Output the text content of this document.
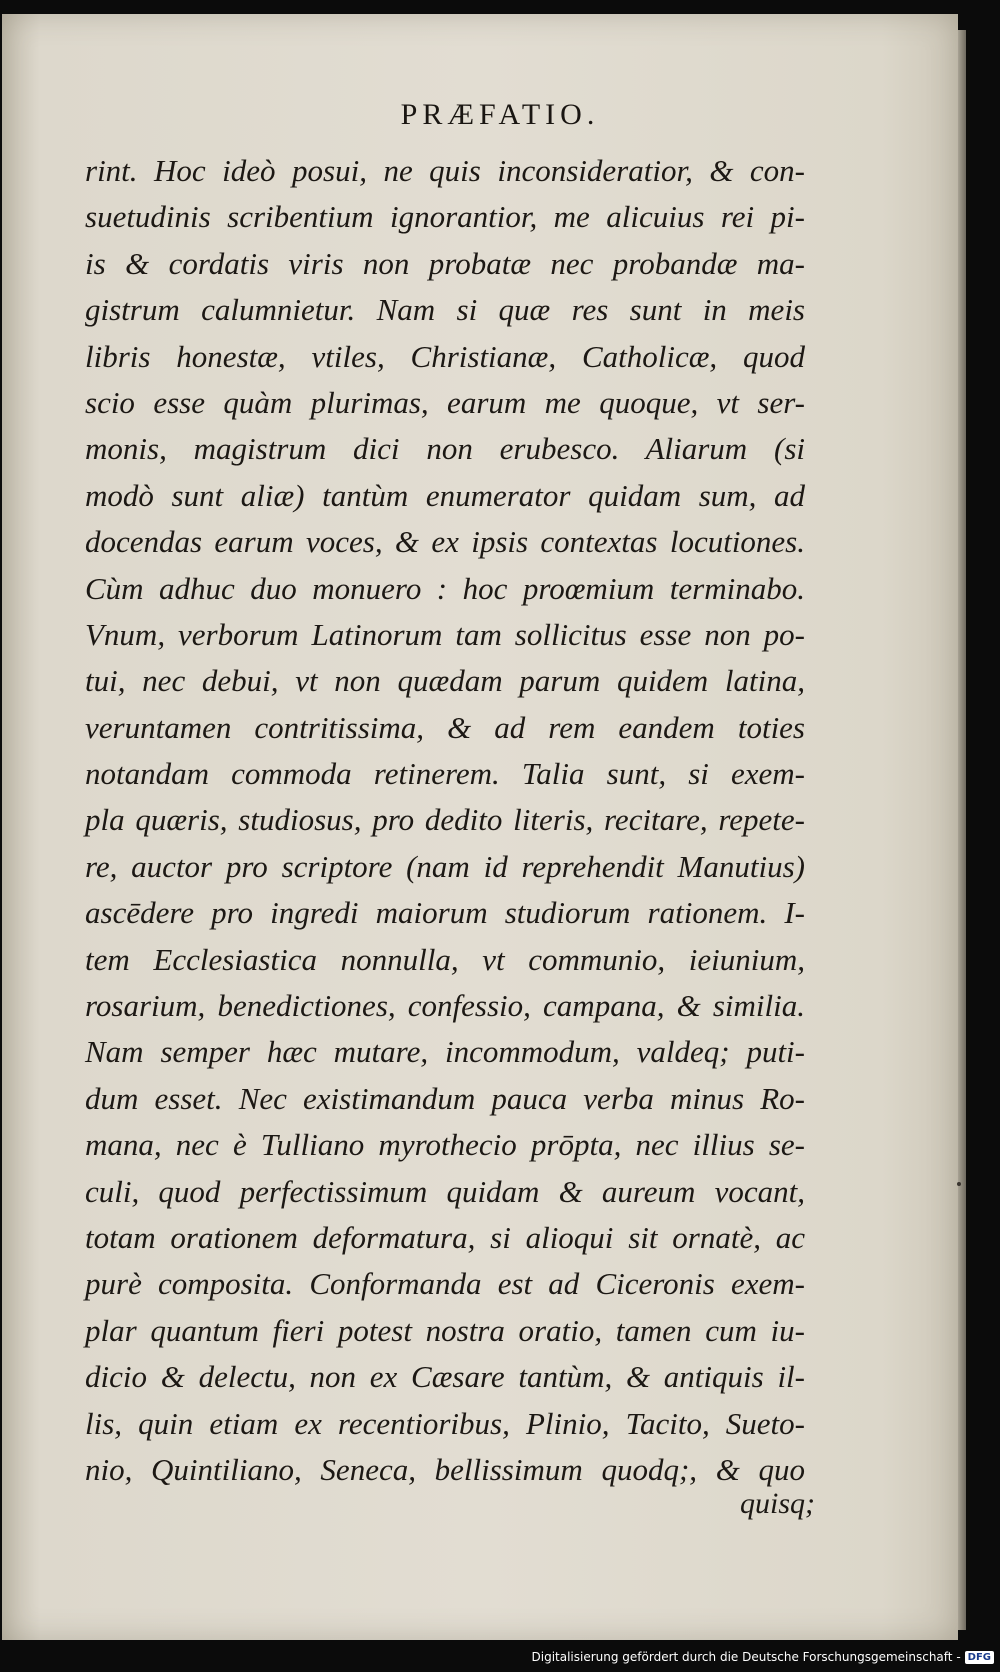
PRÆFATIO.
rint. Hoc ideò posui, ne quis inconsideratior, & con-
suetudinis scribentium ignorantior, me alicuius rei pi-
is & cordatis viris non probatæ nec probandæ ma-
gistrum calumnietur. Nam si quæ res sunt in meis
libris honestæ, vtiles, Christianæ, Catholicæ, quod
scio esse quàm plurimas, earum me quoque, vt ser-
monis, magistrum dici non erubesco. Aliarum (si
modò sunt aliæ) tantùm enumerator quidam sum, ad
docendas earum voces, & ex ipsis contextas locutiones.
Cùm adhuc duo monuero : hoc proœmium terminabo.
Vnum, verborum Latinorum tam sollicitus esse non po-
tui, nec debui, vt non quædam parum quidem latina,
veruntamen contritissima, & ad rem eandem toties
notandam commoda retinerem. Talia sunt, si exem-
pla quæris, studiosus, pro dedito literis, recitare, repete-
re, auctor pro scriptore (nam id reprehendit Manutius)
ascēdere pro ingredi maiorum studiorum rationem. I-
tem Ecclesiastica nonnulla, vt communio, ieiunium,
rosarium, benedictiones, confessio, campana, & similia.
Nam semper hæc mutare, incommodum, valdeq; puti-
dum esset. Nec existimandum pauca verba minus Ro-
mana, nec è Tulliano myrothecio prōpta, nec illius se-
culi, quod perfectissimum quidam & aureum vocant,
totam orationem deformatura, si alioqui sit ornatè, ac
purè composita. Conformanda est ad Ciceronis exem-
plar quantum fieri potest nostra oratio, tamen cum iu-
dicio & delectu, non ex Cæsare tantùm, & antiquis il-
lis, quin etiam ex recentioribus, Plinio, Tacito, Sueto-
nio, Quintiliano, Seneca, bellissimum quodq;, & quo
quisq;
Digitalisierung gefördert durch die Deutsche Forschungsgemeinschaft - DFG
